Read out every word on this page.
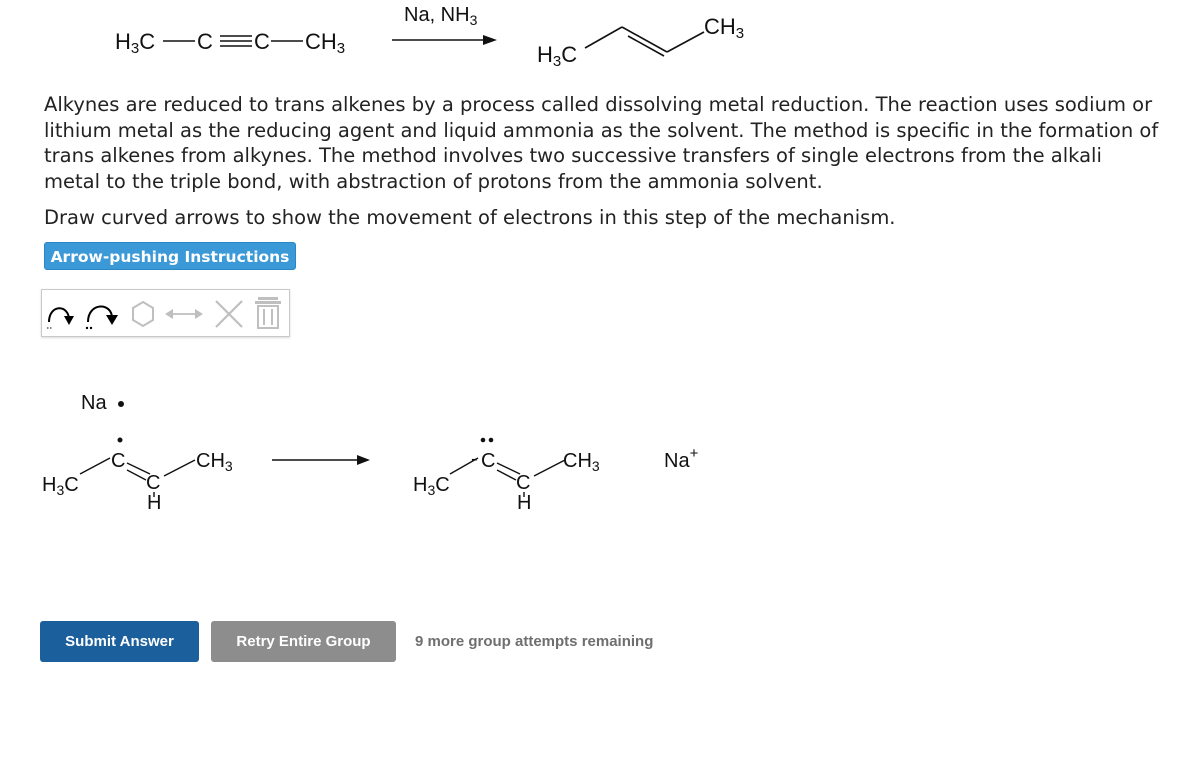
$H_3C$ C C $CH_3$
Na, $NH_3$
$H_3C$
$CH_3$

Alkynes are reduced to trans alkenes by a process called dissolving metal reduction. The reaction uses sodium or lithium metal as the reducing agent and liquid ammonia as the solvent. The method is specific in the formation of trans alkenes from alkynes. The method involves two successive transfers of single electrons from the alkali metal to the triple bond, with abstraction of protons from the ammonia solvent.

Draw curved arrows to show the movement of electrons in this step of the mechanism.

Arrow-pushing Instructions
Na
$H_3C$
C
C
H
$CH_3$
$H_3C$
- C
C
H
$CH_3$	Na+
Submit Answer	Retry Entire Group	9 more group attempts remaining
